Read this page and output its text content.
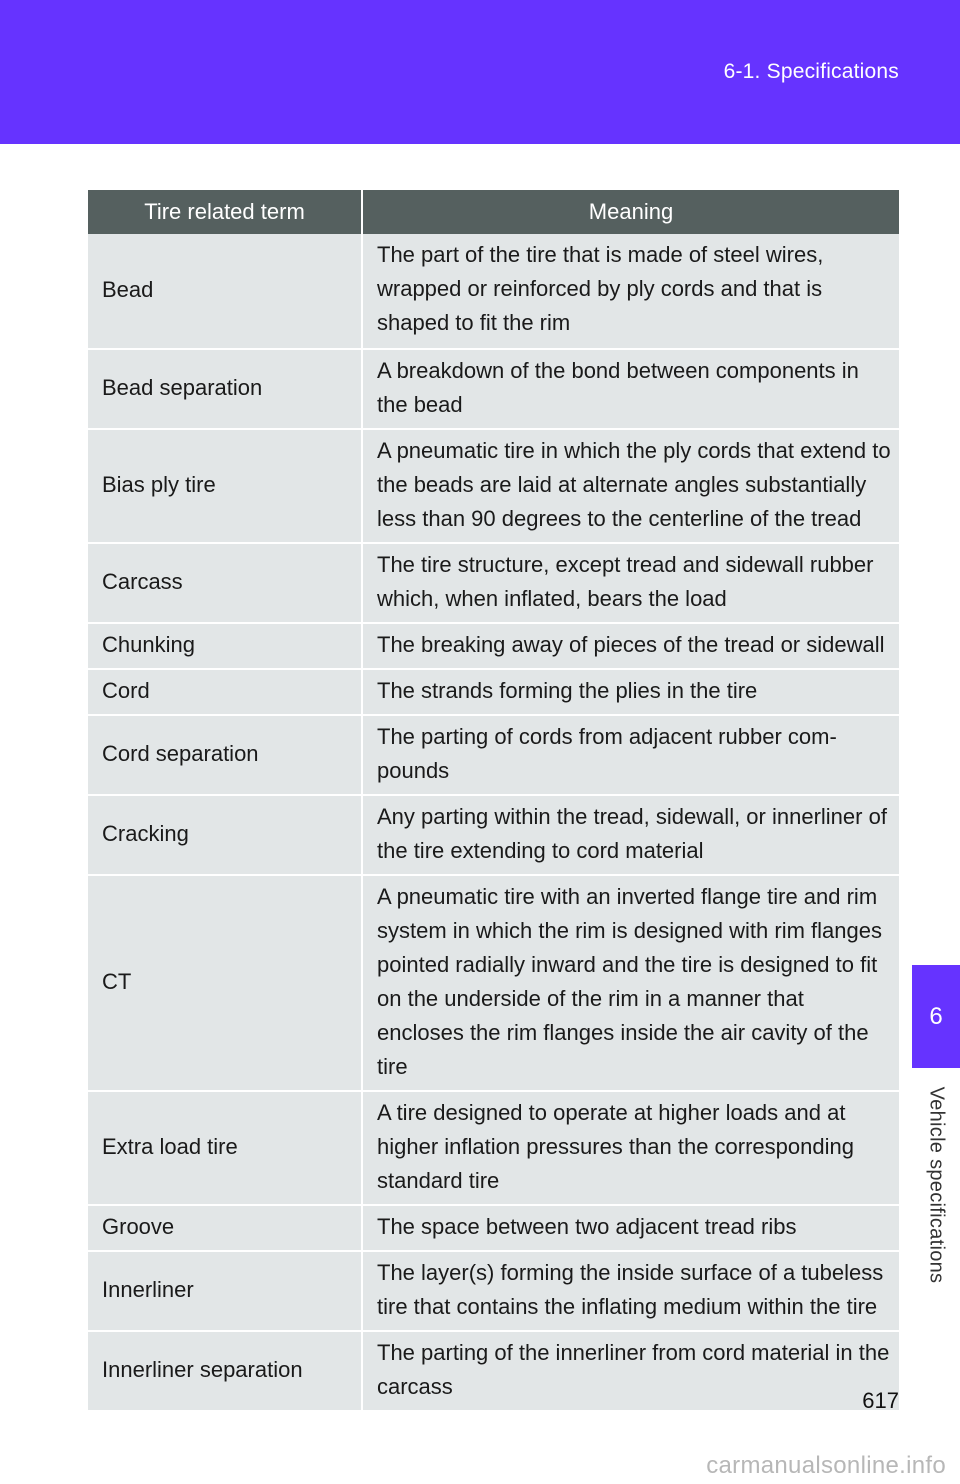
6-1. Specifications
Tire related term	Meaning
Bead	The part of the tire that is made of steel wires, wrapped or reinforced by ply cords and that is shaped to fit the rim
Bead separation	A breakdown of the bond between components in the bead
Bias ply tire	A pneumatic tire in which the ply cords that extend to the beads are laid at alternate angles substantially less than 90 degrees to the centerline of the tread
Carcass	The tire structure, except tread and sidewall rubber which, when inflated, bears the load
Chunking	The breaking away of pieces of the tread or sidewall
Cord	The strands forming the plies in the tire
Cord separation	The parting of cords from adjacent rubber com-pounds
Cracking	Any parting within the tread, sidewall, or innerliner of the tire extending to cord material
CT	A pneumatic tire with an inverted flange tire and rim system in which the rim is designed with rim flanges pointed radially inward and the tire is designed to fit on the underside of the rim in a manner that encloses the rim flanges inside the air cavity of the tire
Extra load tire	A tire designed to operate at higher loads and at higher inflation pressures than the corresponding standard tire
Groove	The space between two adjacent tread ribs
Innerliner	The layer(s) forming the inside surface of a tubeless tire that contains the inflating medium within the tire
Innerliner separation	The parting of the innerliner from cord material in the carcass
6
Vehicle specifications
617
carmanualsonline.info
